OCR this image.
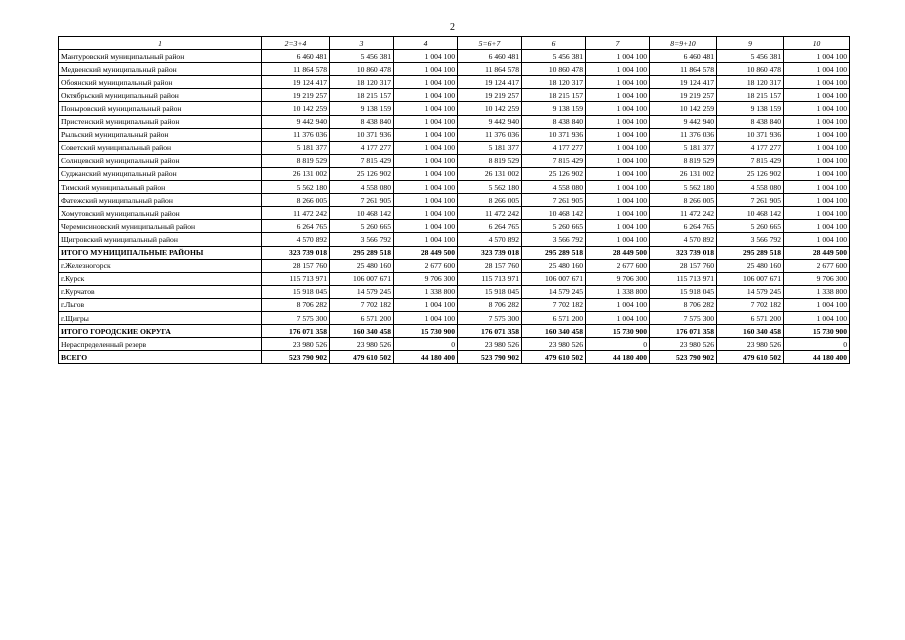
2
1	2=3+4	3	4	5=6+7	6	7	8=9+10	9	10
Мантуровский муниципальный район	6 460 481	5 456 381	1 004 100	6 460 481	5 456 381	1 004 100	6 460 481	5 456 381	1 004 100
Медвенский муниципальный район	11 864 578	10 860 478	1 004 100	11 864 578	10 860 478	1 004 100	11 864 578	10 860 478	1 004 100
Обоянский муниципальный район	19 124 417	18 120 317	1 004 100	19 124 417	18 120 317	1 004 100	19 124 417	18 120 317	1 004 100
Октябрьский муниципальный район	19 219 257	18 215 157	1 004 100	19 219 257	18 215 157	1 004 100	19 219 257	18 215 157	1 004 100
Поныровский муниципальный район	10 142 259	9 138 159	1 004 100	10 142 259	9 138 159	1 004 100	10 142 259	9 138 159	1 004 100
Пристенский муниципальный район	9 442 940	8 438 840	1 004 100	9 442 940	8 438 840	1 004 100	9 442 940	8 438 840	1 004 100
Рыльский муниципальный район	11 376 036	10 371 936	1 004 100	11 376 036	10 371 936	1 004 100	11 376 036	10 371 936	1 004 100
Советский муниципальный район	5 181 377	4 177 277	1 004 100	5 181 377	4 177 277	1 004 100	5 181 377	4 177 277	1 004 100
Солнцевский муниципальный район	8 819 529	7 815 429	1 004 100	8 819 529	7 815 429	1 004 100	8 819 529	7 815 429	1 004 100
Суджанский муниципальный район	26 131 002	25 126 902	1 004 100	26 131 002	25 126 902	1 004 100	26 131 002	25 126 902	1 004 100
Тимский муниципальный район	5 562 180	4 558 080	1 004 100	5 562 180	4 558 080	1 004 100	5 562 180	4 558 080	1 004 100
Фатежский муниципальный район	8 266 005	7 261 905	1 004 100	8 266 005	7 261 905	1 004 100	8 266 005	7 261 905	1 004 100
Хомутовский муниципальный район	11 472 242	10 468 142	1 004 100	11 472 242	10 468 142	1 004 100	11 472 242	10 468 142	1 004 100
Черемисиновский муниципальный район	6 264 765	5 260 665	1 004 100	6 264 765	5 260 665	1 004 100	6 264 765	5 260 665	1 004 100
Щигровский муниципальный район	4 570 892	3 566 792	1 004 100	4 570 892	3 566 792	1 004 100	4 570 892	3 566 792	1 004 100
ИТОГО МУНИЦИПАЛЬНЫЕ РАЙОНЫ	323 739 018	295 289 518	28 449 500	323 739 018	295 289 518	28 449 500	323 739 018	295 289 518	28 449 500
г.Железногорск	28 157 760	25 480 160	2 677 600	28 157 760	25 480 160	2 677 600	28 157 760	25 480 160	2 677 600
г.Курск	115 713 971	106 007 671	9 706 300	115 713 971	106 007 671	9 706 300	115 713 971	106 007 671	9 706 300
г.Курчатов	15 918 045	14 579 245	1 338 800	15 918 045	14 579 245	1 338 800	15 918 045	14 579 245	1 338 800
г.Льгов	8 706 282	7 702 182	1 004 100	8 706 282	7 702 182	1 004 100	8 706 282	7 702 182	1 004 100
г.Щигры	7 575 300	6 571 200	1 004 100	7 575 300	6 571 200	1 004 100	7 575 300	6 571 200	1 004 100
ИТОГО ГОРОДСКИЕ ОКРУГА	176 071 358	160 340 458	15 730 900	176 071 358	160 340 458	15 730 900	176 071 358	160 340 458	15 730 900
Нераспределенный резерв	23 980 526	23 980 526	0	23 980 526	23 980 526	0	23 980 526	23 980 526	0
ВСЕГО	523 790 902	479 610 502	44 180 400	523 790 902	479 610 502	44 180 400	523 790 902	479 610 502	44 180 400
